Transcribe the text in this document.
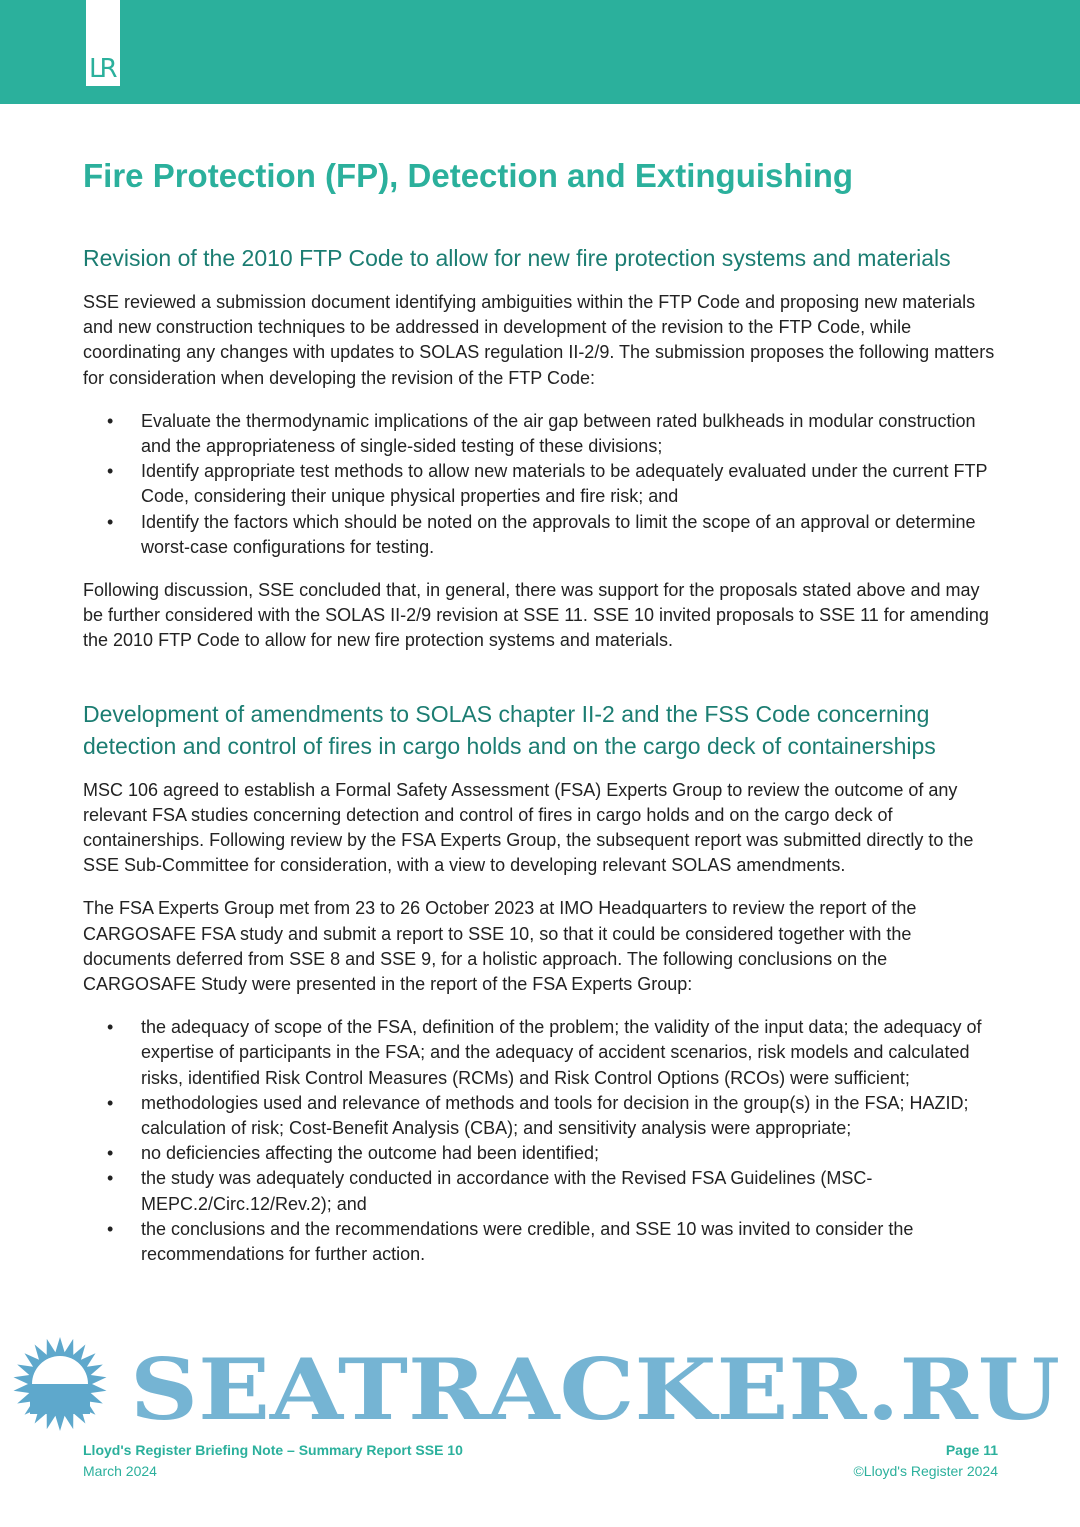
LR
Fire Protection (FP), Detection and Extinguishing
Revision of the 2010 FTP Code to allow for new fire protection systems and materials

SSE reviewed a submission document identifying ambiguities within the FTP Code and proposing new materials and new construction techniques to be addressed in development of the revision to the FTP Code, while coordinating any changes with updates to SOLAS regulation II-2/9. The submission proposes the following matters for consideration when developing the revision of the FTP Code:

• Evaluate the thermodynamic implications of the air gap between rated bulkheads in modular construction and the appropriateness of single-sided testing of these divisions;
• Identify appropriate test methods to allow new materials to be adequately evaluated under the current FTP Code, considering their unique physical properties and fire risk; and
• Identify the factors which should be noted on the approvals to limit the scope of an approval or determine worst-case configurations for testing.

Following discussion, SSE concluded that, in general, there was support for the proposals stated above and may be further considered with the SOLAS II-2/9 revision at SSE 11. SSE 10 invited proposals to SSE 11 for amending the 2010 FTP Code to allow for new fire protection systems and materials.

Development of amendments to SOLAS chapter II-2 and the FSS Code concerning detection and control of fires in cargo holds and on the cargo deck of containerships

MSC 106 agreed to establish a Formal Safety Assessment (FSA) Experts Group to review the outcome of any relevant FSA studies concerning detection and control of fires in cargo holds and on the cargo deck of containerships. Following review by the FSA Experts Group, the subsequent report was submitted directly to the SSE Sub-Committee for consideration, with a view to developing relevant SOLAS amendments.

The FSA Experts Group met from 23 to 26 October 2023 at IMO Headquarters to review the report of the CARGOSAFE FSA study and submit a report to SSE 10, so that it could be considered together with the documents deferred from SSE 8 and SSE 9, for a holistic approach. The following conclusions on the CARGOSAFE Study were presented in the report of the FSA Experts Group:

• the adequacy of scope of the FSA, definition of the problem; the validity of the input data; the adequacy of expertise of participants in the FSA; and the adequacy of accident scenarios, risk models and calculated risks, identified Risk Control Measures (RCMs) and Risk Control Options (RCOs) were sufficient;
• methodologies used and relevance of methods and tools for decision in the group(s) in the FSA; HAZID; calculation of risk; Cost-Benefit Analysis (CBA); and sensitivity analysis were appropriate;
• no deficiencies affecting the outcome had been identified;
• the study was adequately conducted in accordance with the Revised FSA Guidelines (MSC-MEPC.2/Circ.12/Rev.2); and
• the conclusions and the recommendations were credible, and SSE 10 was invited to consider the recommendations for further action.
SEATRACKER.RU
Lloyd's Register Briefing Note – Summary Report SSE 10	Page 11
March 2024	©Lloyd's Register 2024
